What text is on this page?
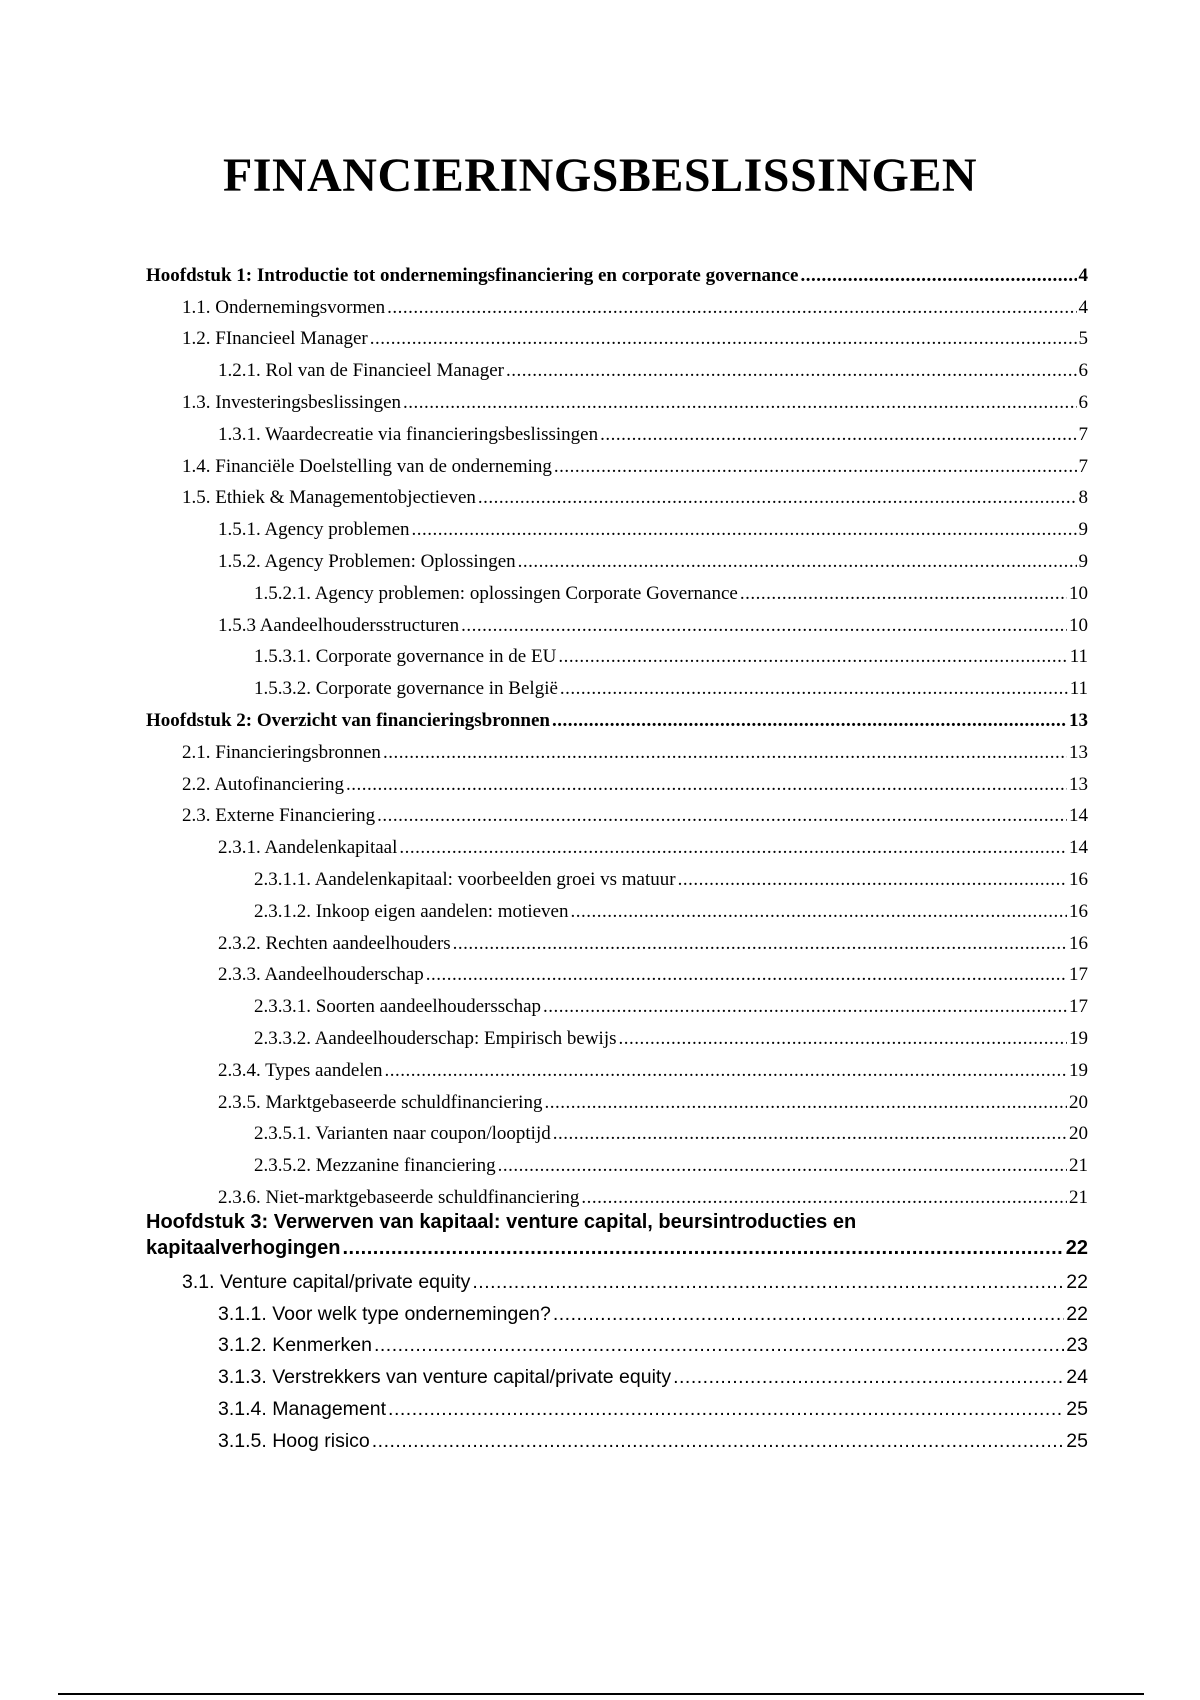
FINANCIERINGSBESLISSINGEN
Hoofdstuk 1: Introductie tot ondernemingsfinanciering en corporate governance .....	4
1.1. Ondernemingsvormen .....	4
1.2. FInancieel Manager .....	5
1.2.1. Rol van de Financieel Manager .....	6
1.3. Investeringsbeslissingen .....	6
1.3.1. Waardecreatie via financieringsbeslissingen .....	7
1.4. Financiële Doelstelling van de onderneming .....	7
1.5. Ethiek & Managementobjectieven .....	8
1.5.1. Agency problemen .....	9
1.5.2. Agency Problemen: Oplossingen .....	9
1.5.2.1. Agency problemen: oplossingen Corporate Governance .....	10
1.5.3 Aandeelhoudersstructuren .....	10
1.5.3.1. Corporate governance in de EU .....	11
1.5.3.2. Corporate governance in België .....	11
Hoofdstuk 2: Overzicht van financieringsbronnen .....	13
2.1. Financieringsbronnen .....	13
2.2. Autofinanciering .....	13
2.3. Externe Financiering .....	14
2.3.1. Aandelenkapitaal .....	14
2.3.1.1. Aandelenkapitaal: voorbeelden groei vs matuur .....	16
2.3.1.2. Inkoop eigen aandelen: motieven .....	16
2.3.2. Rechten aandeelhouders .....	16
2.3.3. Aandeelhouderschap .....	17
2.3.3.1. Soorten aandeelhoudersschap .....	17
2.3.3.2. Aandeelhouderschap: Empirisch bewijs .....	19
2.3.4. Types aandelen .....	19
2.3.5. Marktgebaseerde schuldfinanciering .....	20
2.3.5.1. Varianten naar coupon/looptijd .....	20
2.3.5.2. Mezzanine financiering .....	21
2.3.6. Niet-marktgebaseerde schuldfinanciering .....	21
Hoofdstuk 3: Verwerven van kapitaal: venture capital, beursintroducties en
kapitaalverhogingen .....	22
3.1. Venture capital/private equity .....	22
3.1.1. Voor welk type ondernemingen? .....	22
3.1.2. Kenmerken .....	23
3.1.3. Verstrekkers van venture capital/private equity .....	24
3.1.4. Management .....	25
3.1.5. Hoog risico .....	25
